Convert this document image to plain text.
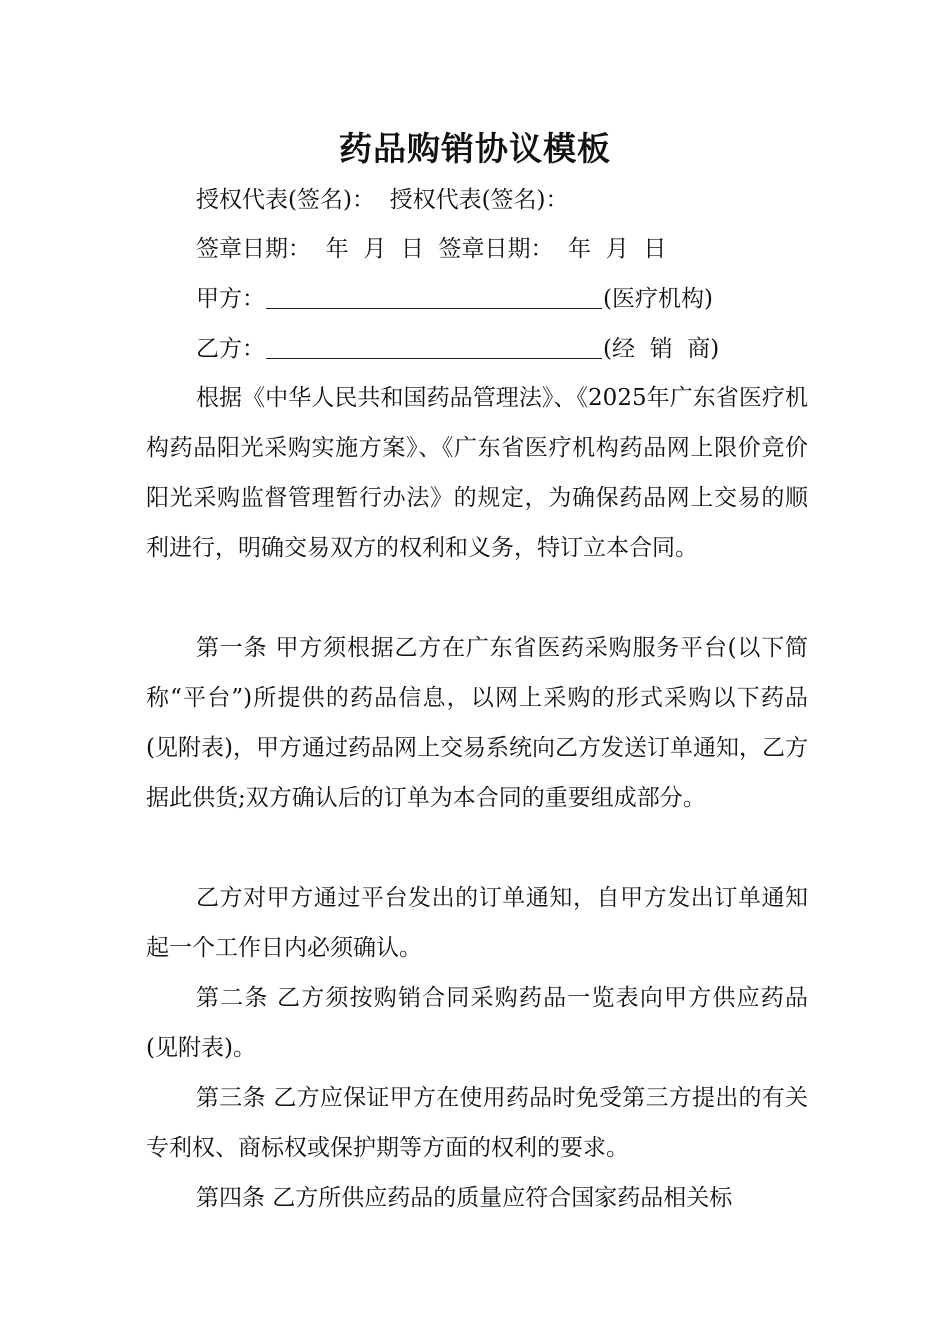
药品购销协议模板
授权代表(签名)：  授权代表(签名)：
签章日期：  年  月  日  签章日期：  年  月  日
甲方：	(医疗机构)
乙方：	(经  销  商)

根据《中华人民共和国药品管理法》、《2025年广东省医疗机构药品阳光采购实施方案》、《广东省医疗机构药品网上限价竞价阳光采购监督管理暂行办法》的规定，为确保药品网上交易的顺利进行，明确交易双方的权利和义务，特订立本合同。

第一条 甲方须根据乙方在广东省医药采购服务平台(以下简称“平台”)所提供的药品信息，以网上采购的形式采购以下药品(见附表)，甲方通过药品网上交易系统向乙方发送订单通知，乙方据此供货;双方确认后的订单为本合同的重要组成部分。

乙方对甲方通过平台发出的订单通知，自甲方发出订单通知起一个工作日内必须确认。

第二条 乙方须按购销合同采购药品一览表向甲方供应药品(见附表)。

第三条 乙方应保证甲方在使用药品时免受第三方提出的有关专利权、商标权或保护期等方面的权利的要求。

第四条 乙方所供应药品的质量应符合国家药品相关标
